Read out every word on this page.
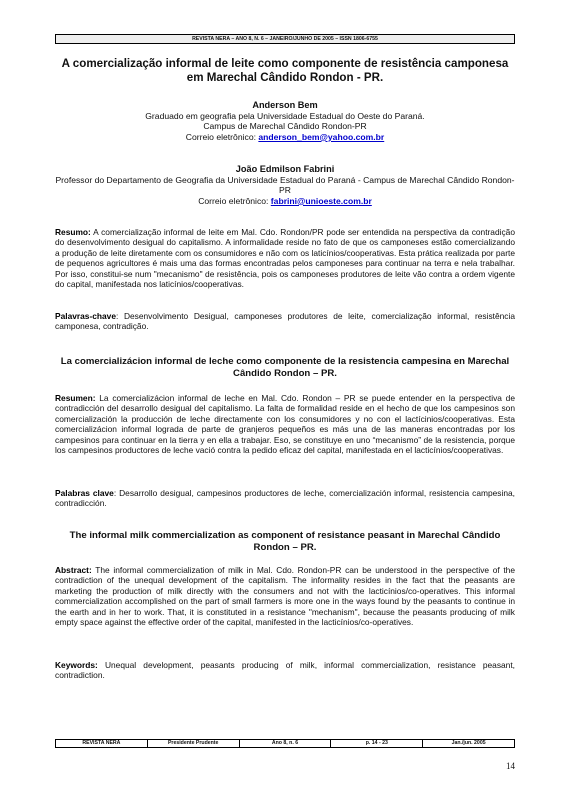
REVISTA NERA – ANO 8, N. 6 – JANEIRO/JUNHO DE 2005 – ISSN 1806-6755
A comercialização informal de leite como componente de resistência camponesa em Marechal Cândido Rondon - PR.
Anderson Bem
Graduado em geografia pela Universidade Estadual do Oeste do Paraná.
Campus de Marechal Cândido Rondon-PR
Correio eletrônico: anderson_bem@yahoo.com.br
João Edmilson Fabrini
Professor do Departamento de Geografia da Universidade Estadual do Paraná - Campus de Marechal Cândido Rondon-PR
Correio eletrônico: fabrini@unioeste.com.br
Resumo: A comercialização informal de leite em Mal. Cdo. Rondon/PR pode ser entendida na perspectiva da contradição do desenvolvimento desigual do capitalismo. A informalidade reside no fato de que os camponeses estão comercializando a produção de leite diretamente com os consumidores e não com os laticínios/cooperativas. Esta prática realizada por parte de pequenos agricultores é mais uma das formas encontradas pelos camponeses para continuar na terra e nela trabalhar. Por isso, constitui-se num "mecanismo" de resistência, pois os camponeses produtores de leite vão contra a ordem vigente do capital, manifestada nos laticínios/cooperativas.
Palavras-chave: Desenvolvimento Desigual, camponeses produtores de leite, comercialização informal, resistência camponesa, contradição.
La comercializácion informal de leche como componente de la resistencia campesina en Marechal Cândido Rondon – PR.
Resumen: La comercializácion informal de leche en Mal. Cdo. Rondon – PR se puede entender en la perspectiva de contradicción del desarrollo desigual del capitalismo. La falta de formalidad reside en el hecho de que los campesinos son comercialización la producción de leche directamente con los consumidores y no con el lactícinios/cooperativas. Esta comercializácion informal lograda de parte de granjeros pequeños es más una de las maneras encontradas por los campesinos para continuar en la tierra y en ella a trabajar. Eso, se constituye en uno “mecanismo” de la resistencia, porque los campesinos productores de leche vació contra la pedido eficaz del capital, manifestada en el lacticínios/cooperativas.
Palabras clave: Desarrollo desigual, campesinos productores de leche, comercialización informal, resistencia campesina, contradicción.
The informal milk commercialization as component of resistance peasant in Marechal Cândido Rondon – PR.
Abstract: The informal commercialization of milk in Mal. Cdo. Rondon-PR can be understood in the perspective of the contradiction of the unequal development of the capitalism. The informality resides in the fact that the peasants are marketing the production of milk directly with the consumers and not with the lacticínios/co-operatives. This informal commercialization accomplished on the part of small farmers is more one in the ways found by the peasants to continue in the earth and in her to work. That, it is constituted in a resistance "mechanism", because the peasants producing of milk empty space against the effective order of the capital, manifested in the lacticínios/co-operatives.
Keywords: Unequal development, peasants producing of milk, informal commercialization, resistance peasant, contradiction.
REVISTA NERA	Presidente Prudente	Ano 8, n. 6	p. 14 - 23	Jan./jun. 2005
14
